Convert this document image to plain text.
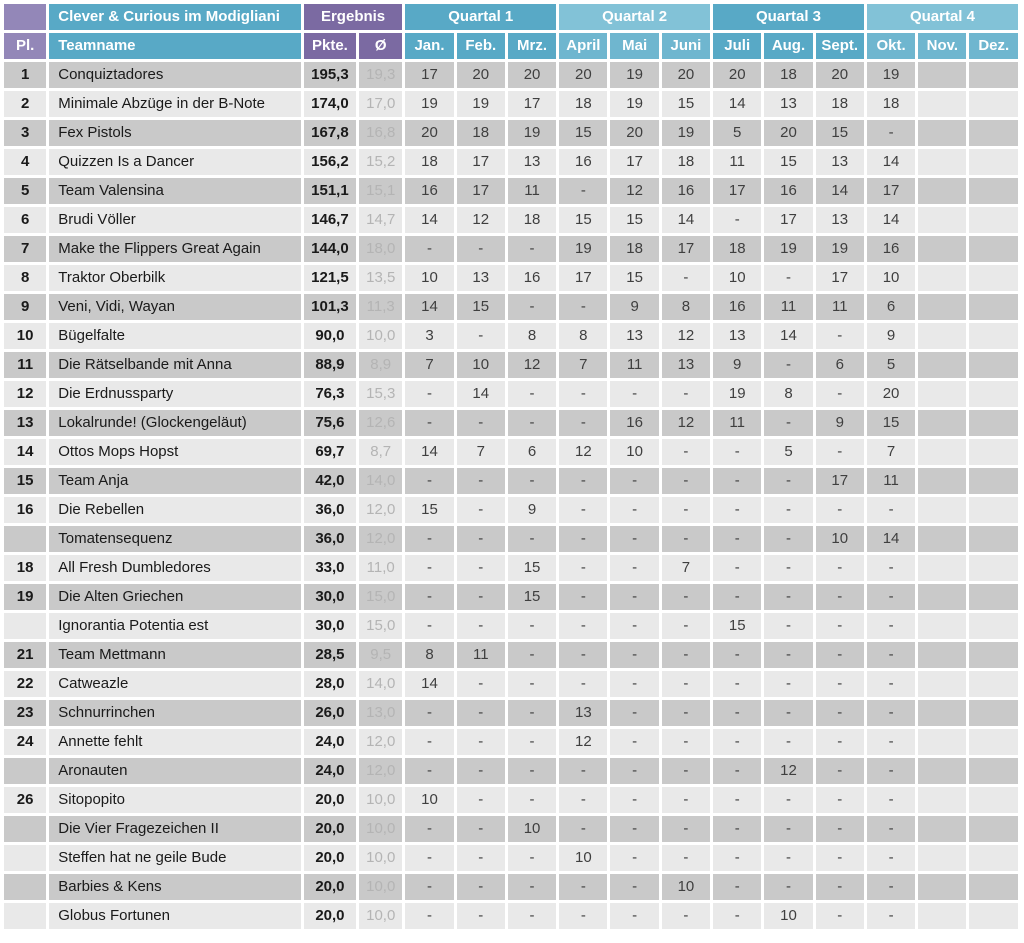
	Clever & Curious im Modigliani	Ergebnis		Quartal 1			Quartal 2			Quartal 3			Quartal 4		
Pl.	Teamname	Pkte.	Ø	Jan.	Feb.	Mrz.	April	Mai	Juni	Juli	Aug.	Sept.	Okt.	Nov.	Dez.
1	Conquiztadores	195,3	19,3	17	20	20	20	19	20	20	18	20	19		
2	Minimale Abzüge in der B-Note	174,0	17,0	19	19	17	18	19	15	14	13	18	18		
3	Fex Pistols	167,8	16,8	20	18	19	15	20	19	5	20	15	-		
4	Quizzen Is a Dancer	156,2	15,2	18	17	13	16	17	18	11	15	13	14		
5	Team Valensina	151,1	15,1	16	17	11	-	12	16	17	16	14	17		
6	Brudi Völler	146,7	14,7	14	12	18	15	15	14	-	17	13	14		
7	Make the Flippers Great Again	144,0	18,0	-	-	-	19	18	17	18	19	19	16		
8	Traktor Oberbilk	121,5	13,5	10	13	16	17	15	-	10	-	17	10		
9	Veni, Vidi, Wayan	101,3	11,3	14	15	-	-	9	8	16	11	11	6		
10	Bügelfalte	90,0	10,0	3	-	8	8	13	12	13	14	-	9		
11	Die Rätselbande mit Anna	88,9	8,9	7	10	12	7	11	13	9	-	6	5		
12	Die Erdnussparty	76,3	15,3	-	14	-	-	-	-	19	8	-	20		
13	Lokalrunde! (Glockengeläut)	75,6	12,6	-	-	-	-	16	12	11	-	9	15		
14	Ottos Mops Hopst	69,7	8,7	14	7	6	12	10	-	-	5	-	7		
15	Team Anja	42,0	14,0	-	-	-	-	-	-	-	-	17	11		
16	Die Rebellen	36,0	12,0	15	-	9	-	-	-	-	-	-	-		
	Tomatensequenz	36,0	12,0	-	-	-	-	-	-	-	-	10	14		
18	All Fresh Dumbledores	33,0	11,0	-	-	15	-	-	7	-	-	-	-		
19	Die Alten Griechen	30,0	15,0	-	-	15	-	-	-	-	-	-	-		
	Ignorantia Potentia est	30,0	15,0	-	-	-	-	-	-	15	-	-	-		
21	Team Mettmann	28,5	9,5	8	11	-	-	-	-	-	-	-	-		
22	Catweazle	28,0	14,0	14	-	-	-	-	-	-	-	-	-		
23	Schnurrinchen	26,0	13,0	-	-	-	13	-	-	-	-	-	-		
24	Annette fehlt	24,0	12,0	-	-	-	12	-	-	-	-	-	-		
	Aronauten	24,0	12,0	-	-	-	-	-	-	-	12	-	-		
26	Sitopopito	20,0	10,0	10	-	-	-	-	-	-	-	-	-		
	Die Vier Fragezeichen II	20,0	10,0	-	-	10	-	-	-	-	-	-	-		
	Steffen hat ne geile Bude	20,0	10,0	-	-	-	10	-	-	-	-	-	-		
	Barbies & Kens	20,0	10,0	-	-	-	-	-	10	-	-	-	-		
	Globus Fortunen	20,0	10,0	-	-	-	-	-	-	-	10	-	-		
